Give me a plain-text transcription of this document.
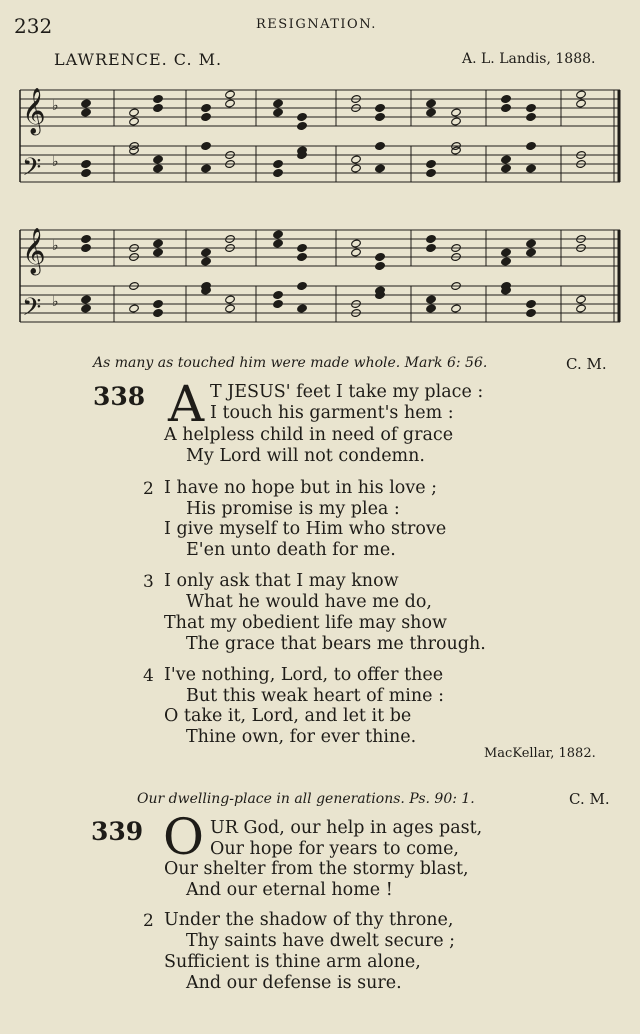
232	RESIGNATION.
LAWRENCE. C. M.	A. L. Landis, 1888.
𝄞 ♭
𝄢 ♭
𝄞 ♭
𝄢 ♭
As many as touched him were made whole. Mark 6: 56.	C. M.
338 A T JESUS' feet I take my place :
I touch his garment's hem :
A helpless child in need of grace
My Lord will not condemn.
2 I have no hope but in his love ;
His promise is my plea :
I give myself to Him who strove
E'en unto death for me.
3 I only ask that I may know
What he would have me do,
That my obedient life may show
The grace that bears me through.
4 I've nothing, Lord, to offer thee
But this weak heart of mine :
O take it, Lord, and let it be
Thine own, for ever thine.
MacKellar, 1882.
Our dwelling-place in all generations. Ps. 90: 1.	C. M.
339 O UR God, our help in ages past,
Our hope for years to come,
Our shelter from the stormy blast,
And our eternal home !
2 Under the shadow of thy throne,
Thy saints have dwelt secure ;
Sufficient is thine arm alone,
And our defense is sure.
